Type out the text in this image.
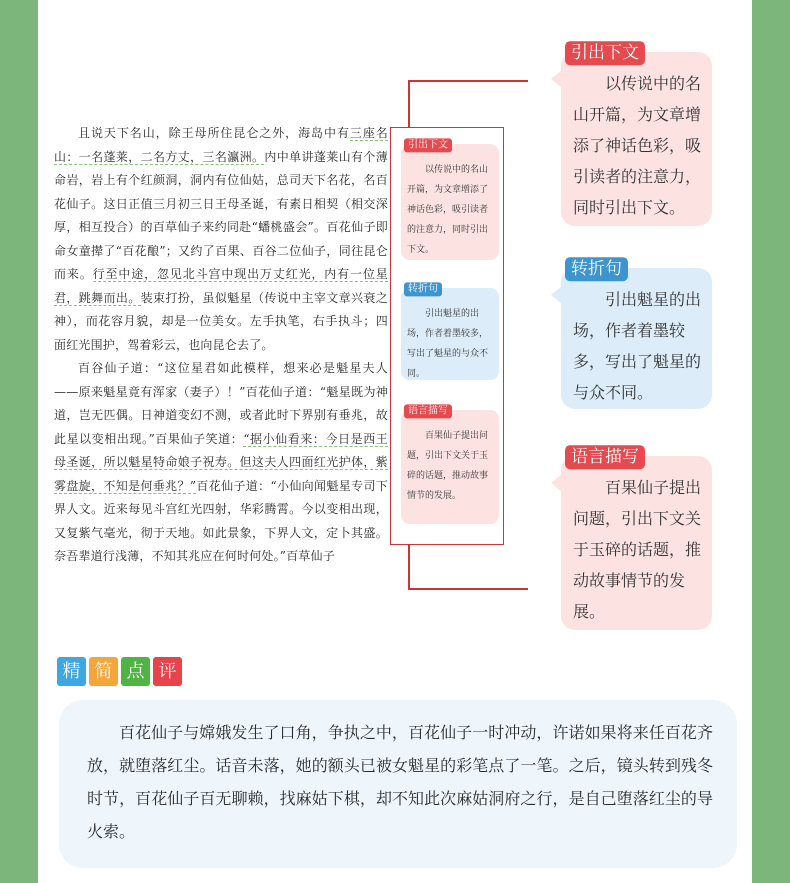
且说天下名山，除王母所住昆仑之外，海岛中有三座名山：一名蓬莱，二名方丈，三名瀛洲。内中单讲蓬莱山有个薄命岩，岩上有个红颜洞，洞内有位仙姑，总司天下名花，名百花仙子。这日正值三月初三日王母圣诞，有素日相契（相交深厚，相互投合）的百草仙子来约同赴“蟠桃盛会”。百花仙子即命女童撵了“百花酿”；又约了百果、百谷二位仙子，同往昆仑而来。行至中途，忽见北斗宫中现出万丈红光，内有一位星君，跳舞而出。装束打扮，虽似魁星（传说中主宰文章兴衰之神），而花容月貌，却是一位美女。左手执笔，右手执斗；四面红光围护，驾着彩云，也向昆仑去了。

百谷仙子道：“这位星君如此模样，想来必是魁星夫人——原来魁星竟有浑家（妻子）！”百花仙子道：“魁星既为神道，岂无匹偶。日神道变幻不测，或者此时下界别有垂兆，故此星以变相出现。”百果仙子笑道：“据小仙看来：今日是西王母圣诞，所以魁星特命娘子祝寿。但这夫人四面红光护体，紫雾盘旋，不知是何垂兆？”百花仙子道：“小仙向闻魁星专司下界人文。近来每见斗宫红光四射，华彩腾霄。今以变相出现，又复紫气毫光，彻于天地。如此景象，下界人文，定卜其盛。奈吾辈道行浅薄，不知其兆应在何时何处。”百草仙子

引出下文

以传说中的名山开篇，为文章增添了神话色彩，吸引读者的注意力，同时引出下文。

转折句

引出魁星的出场，作者着墨较多，写出了魁星的与众不同。

语言描写

百果仙子提出问题，引出下文关于玉碎的话题，推动故事情节的发展。

引出下文

以传说中的名山开篇，为文章增添了神话色彩，吸引读者的注意力，同时引出下文。

转折句

引出魁星的出场，作者着墨较多，写出了魁星的与众不同。

语言描写

百果仙子提出问题，引出下文关于玉碎的话题，推动故事情节的发展。

精 简 点 评

百花仙子与嫦娥发生了口角，争执之中，百花仙子一时冲动，许诺如果将来任百花齐放，就堕落红尘。话音未落，她的额头已被女魁星的彩笔点了一笔。之后，镜头转到残冬时节，百花仙子百无聊赖，找麻姑下棋，却不知此次麻姑洞府之行，是自己堕落红尘的导火索。
